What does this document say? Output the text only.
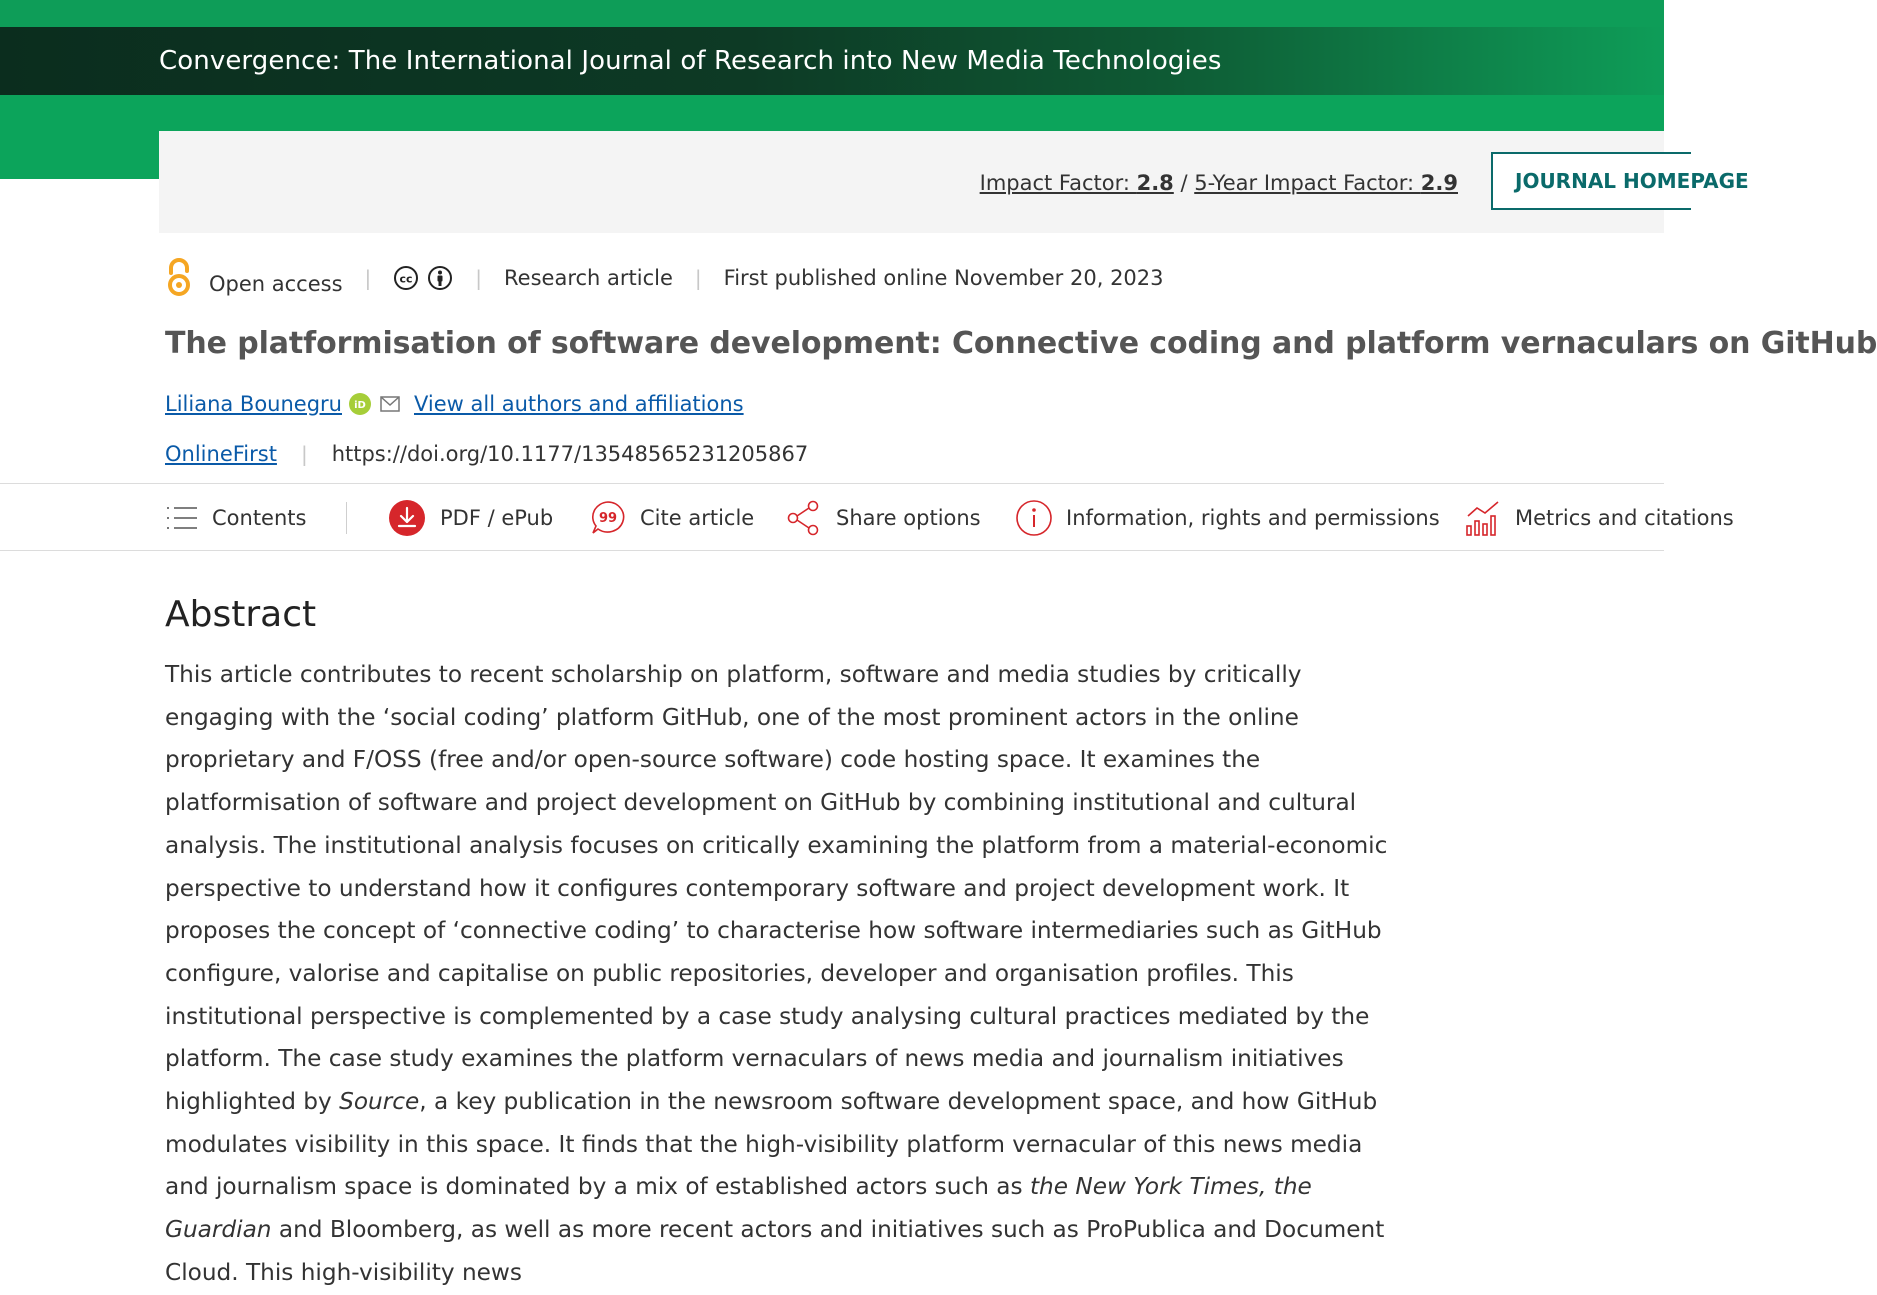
Convergence: The International Journal of Research into New Media Technologies
Impact Factor: 2.8 / 5-Year Impact Factor: 2.9	JOURNAL HOMEPAGE
Open access |	cc	| Research article | First published online November 20, 2023
The platformisation of software development: Connective coding and platform vernaculars on GitHub
Liliana Bounegru iD View all authors and affiliations
OnlineFirst | https://doi.org/10.1177/13548565231205867
Contents	PDF / ePub	99 Cite article	Share options	Information, rights and permissions	Metrics and citations
Abstract

This article contributes to recent scholarship on platform, software and media studies by critically engaging with the ‘social coding’ platform GitHub, one of the most prominent actors in the online proprietary and F/OSS (free and/or open-source software) code hosting space. It examines the platformisation of software and project development on GitHub by combining institutional and cultural analysis. The institutional analysis focuses on critically examining the platform from a material-economic perspective to understand how it configures contemporary software and project development work. It proposes the concept of ‘connective coding’ to characterise how software intermediaries such as GitHub configure, valorise and capitalise on public repositories, developer and organisation profiles. This institutional perspective is complemented by a case study analysing cultural practices mediated by the platform. The case study examines the platform vernaculars of news media and journalism initiatives highlighted by Source, a key publication in the newsroom software development space, and how GitHub modulates visibility in this space. It finds that the high-visibility platform vernacular of this news media and journalism space is dominated by a mix of established actors such as the New York Times, the Guardian and Bloomberg, as well as more recent actors and initiatives such as ProPublica and Document Cloud. This high-visibility news
